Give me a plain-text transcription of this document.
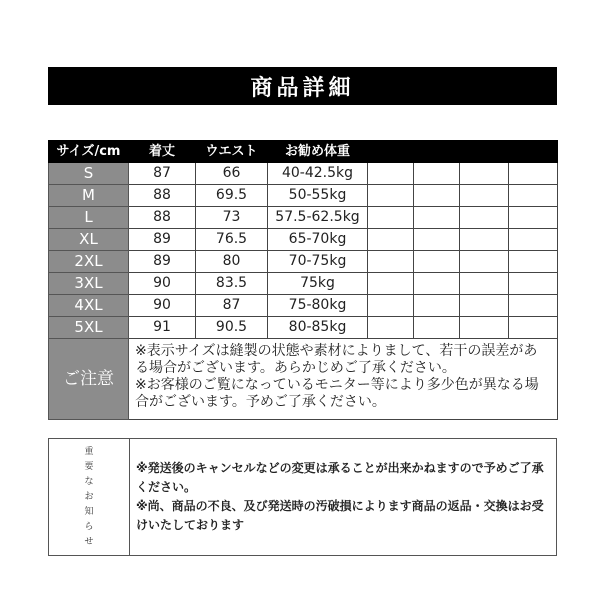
商品詳細
サイズ/cm	着丈	ウエスト	お勧め体重				
S	87	66	40-42.5kg				
M	88	69.5	50-55kg				
L	88	73	57.5-62.5kg				
XL	89	76.5	65-70kg				
2XL	89	80	70-75kg				
3XL	90	83.5	75kg				
4XL	90	87	75-80kg				
5XL	91	90.5	80-85kg				
ご注意	※表示サイズは縫製の状態や素材によりまして、若干の誤差がある場合がございます。あらかじめご了承ください。
※お客様のご覧になっているモニター等により多少色が異なる場合がございます。予めご了承ください。						
重
要
な
お
知
ら
せ

※発送後のキャンセルなどの変更は承ることが出来かねますので予めご了承ください。

※尚、商品の不良、及び発送時の汚破損によります商品の返品・交換はお受けいたしております
